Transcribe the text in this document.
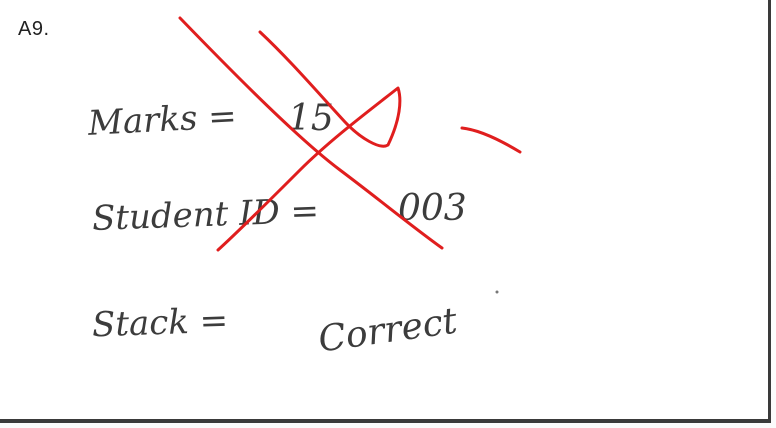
A9.
Marks = 15
Student ID = 003
Stack = Correct
